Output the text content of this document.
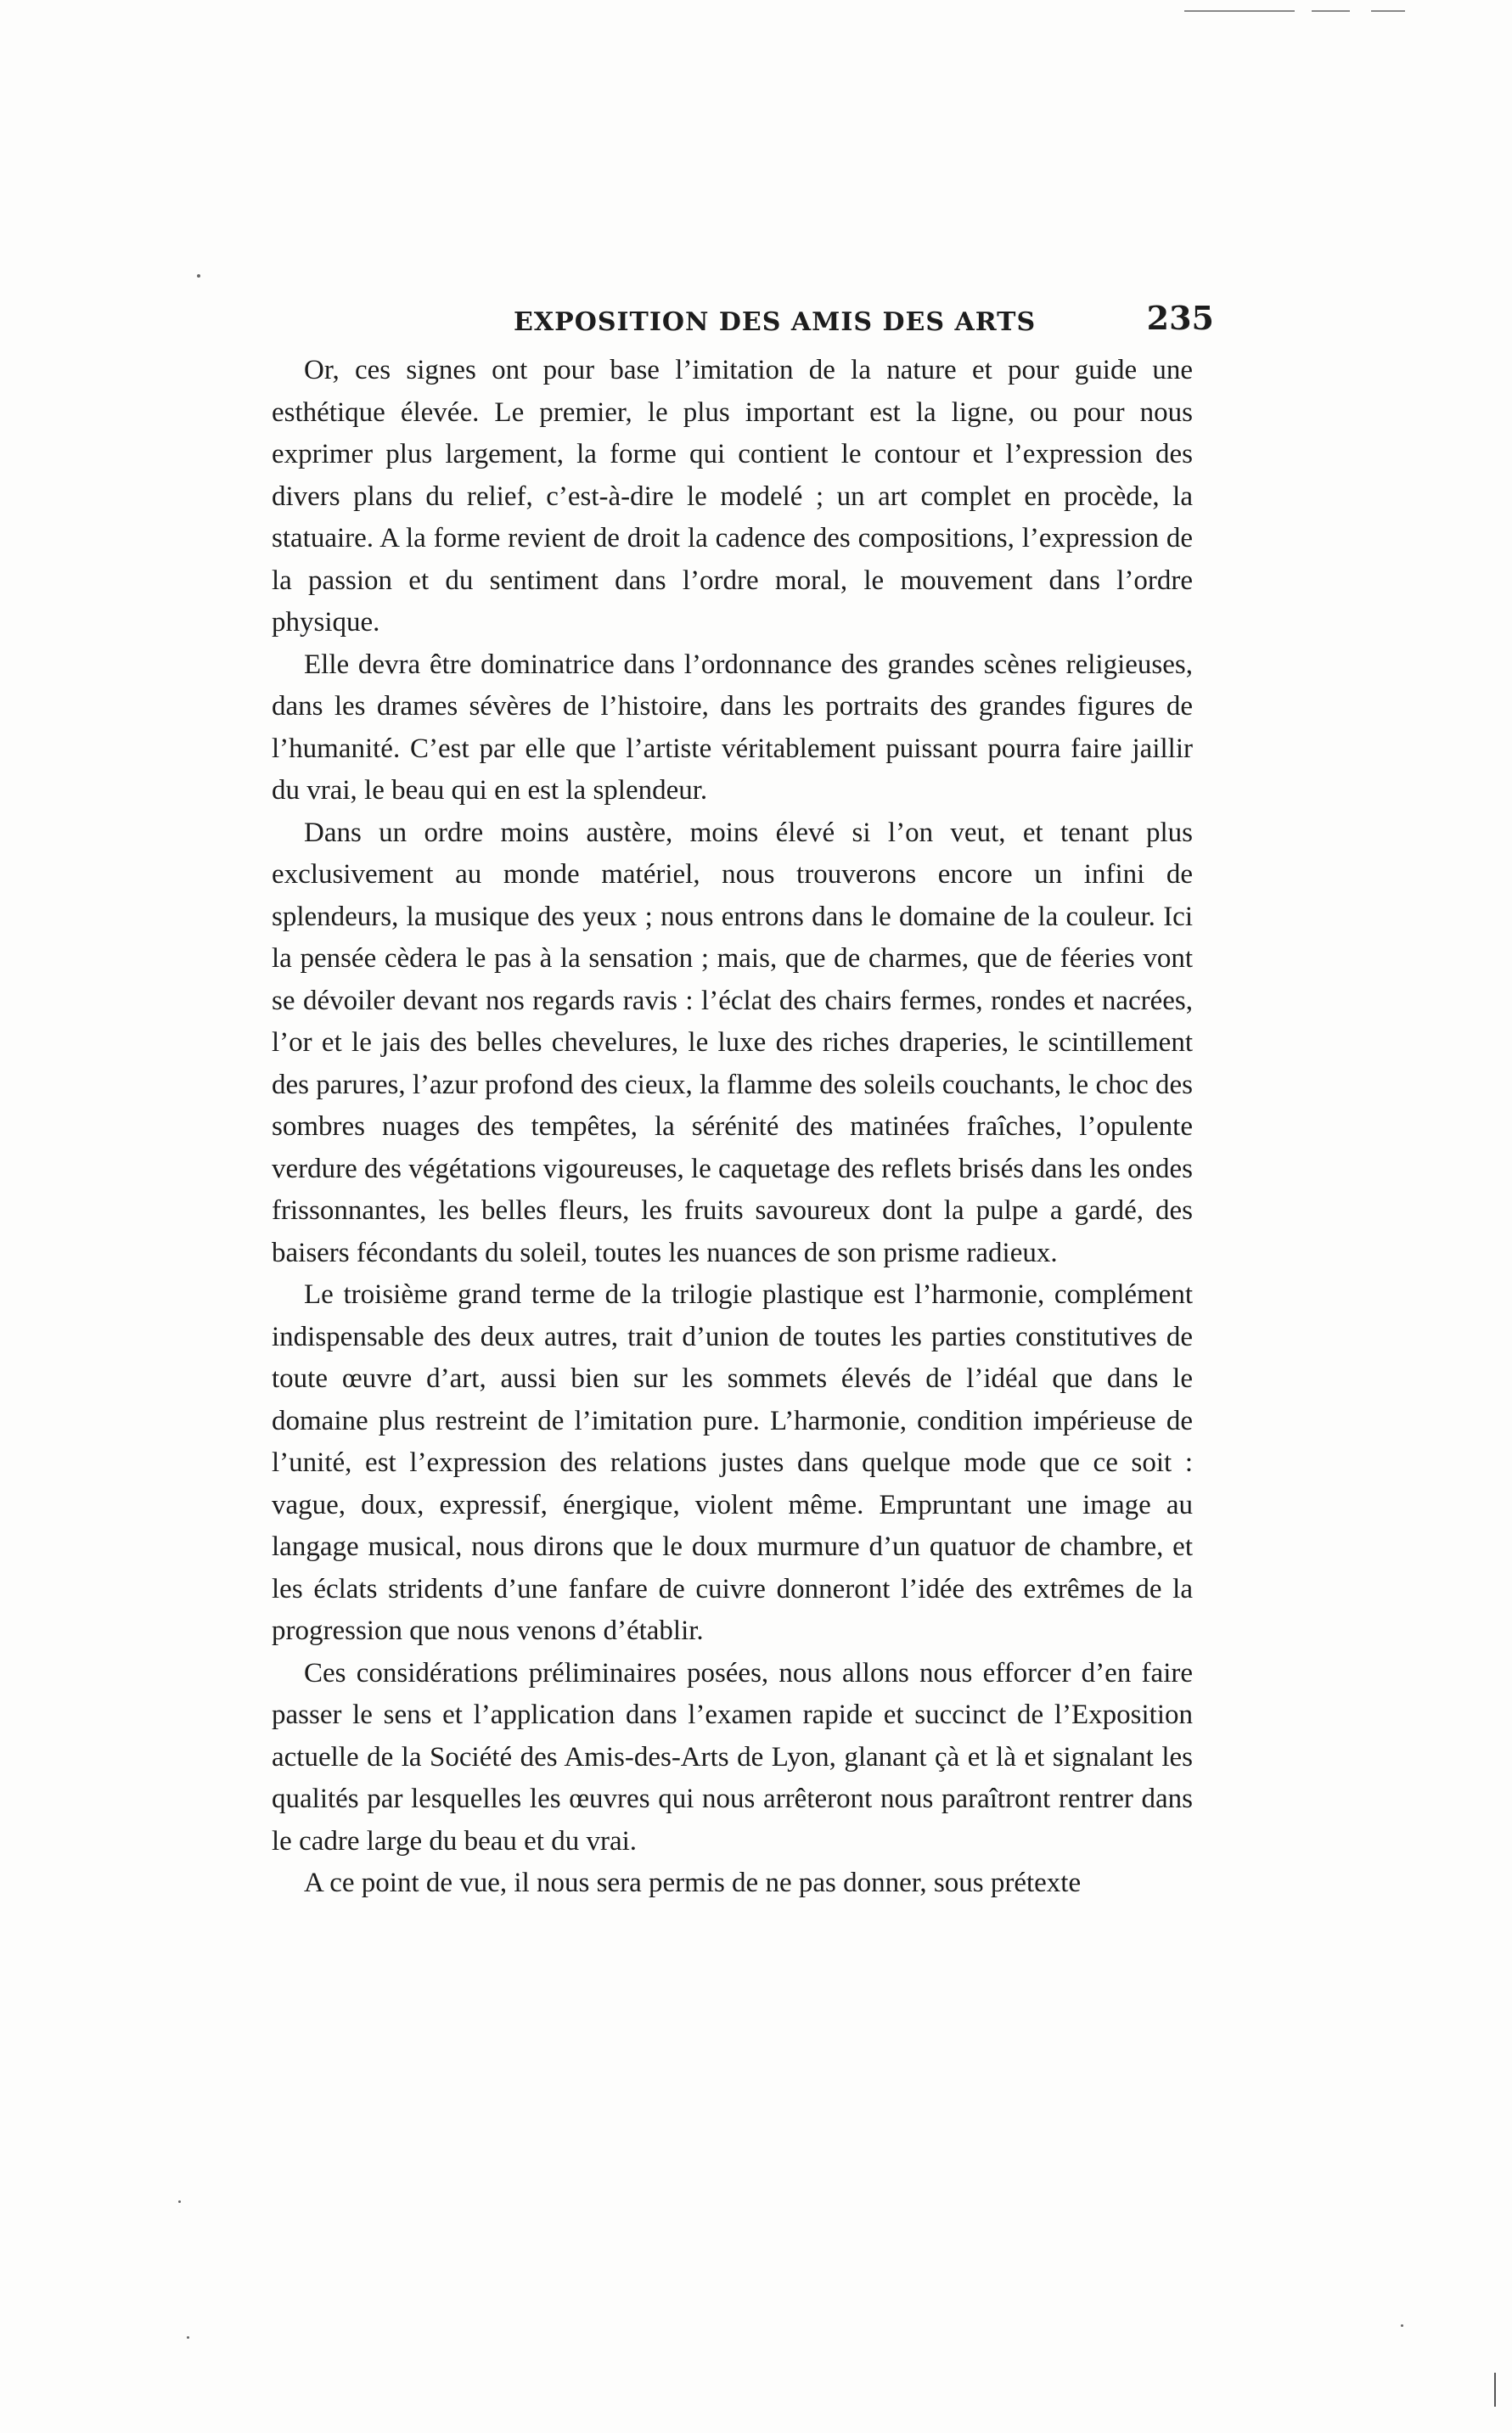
EXPOSITION DES AMIS DES ARTS	235

Or, ces signes ont pour base l’imitation de la nature et pour guide une esthétique élevée. Le premier, le plus important est la ligne, ou pour nous exprimer plus largement, la forme qui contient le contour et l’expression des divers plans du relief, c’est-à-dire le modelé ; un art complet en procède, la statuaire. A la forme revient de droit la cadence des compositions, l’expression de la passion et du sentiment dans l’ordre moral, le mouvement dans l’ordre physique.

Elle devra être dominatrice dans l’ordonnance des grandes scènes religieuses, dans les drames sévères de l’histoire, dans les portraits des grandes figures de l’humanité. C’est par elle que l’artiste véritablement puissant pourra faire jaillir du vrai, le beau qui en est la splendeur.

Dans un ordre moins austère, moins élevé si l’on veut, et tenant plus exclusivement au monde matériel, nous trouverons encore un infini de splendeurs, la musique des yeux ; nous entrons dans le domaine de la couleur. Ici la pensée cèdera le pas à la sensation ; mais, que de charmes, que de féeries vont se dévoiler devant nos regards ravis : l’éclat des chairs fermes, rondes et nacrées, l’or et le jais des belles chevelures, le luxe des riches draperies, le scintillement des parures, l’azur profond des cieux, la flamme des soleils couchants, le choc des sombres nuages des tempêtes, la sérénité des matinées fraîches, l’opulente verdure des végétations vigoureuses, le caquetage des reflets brisés dans les ondes frissonnantes, les belles fleurs, les fruits savoureux dont la pulpe a gardé, des baisers fécondants du soleil, toutes les nuances de son prisme radieux.

Le troisième grand terme de la trilogie plastique est l’harmonie, complément indispensable des deux autres, trait d’union de toutes les parties constitutives de toute œuvre d’art, aussi bien sur les sommets élevés de l’idéal que dans le domaine plus restreint de l’imitation pure. L’harmonie, condition impérieuse de l’unité, est l’expression des relations justes dans quelque mode que ce soit : vague, doux, expressif, énergique, violent même. Empruntant une image au langage musical, nous dirons que le doux murmure d’un quatuor de chambre, et les éclats stridents d’une fanfare de cuivre donneront l’idée des extrêmes de la progression que nous venons d’établir.

Ces considérations préliminaires posées, nous allons nous efforcer d’en faire passer le sens et l’application dans l’examen rapide et succinct de l’Exposition actuelle de la Société des Amis-des-Arts de Lyon, glanant çà et là et signalant les qualités par lesquelles les œuvres qui nous arrêteront nous paraîtront rentrer dans le cadre large du beau et du vrai.

A ce point de vue, il nous sera permis de ne pas donner, sous prétexte
